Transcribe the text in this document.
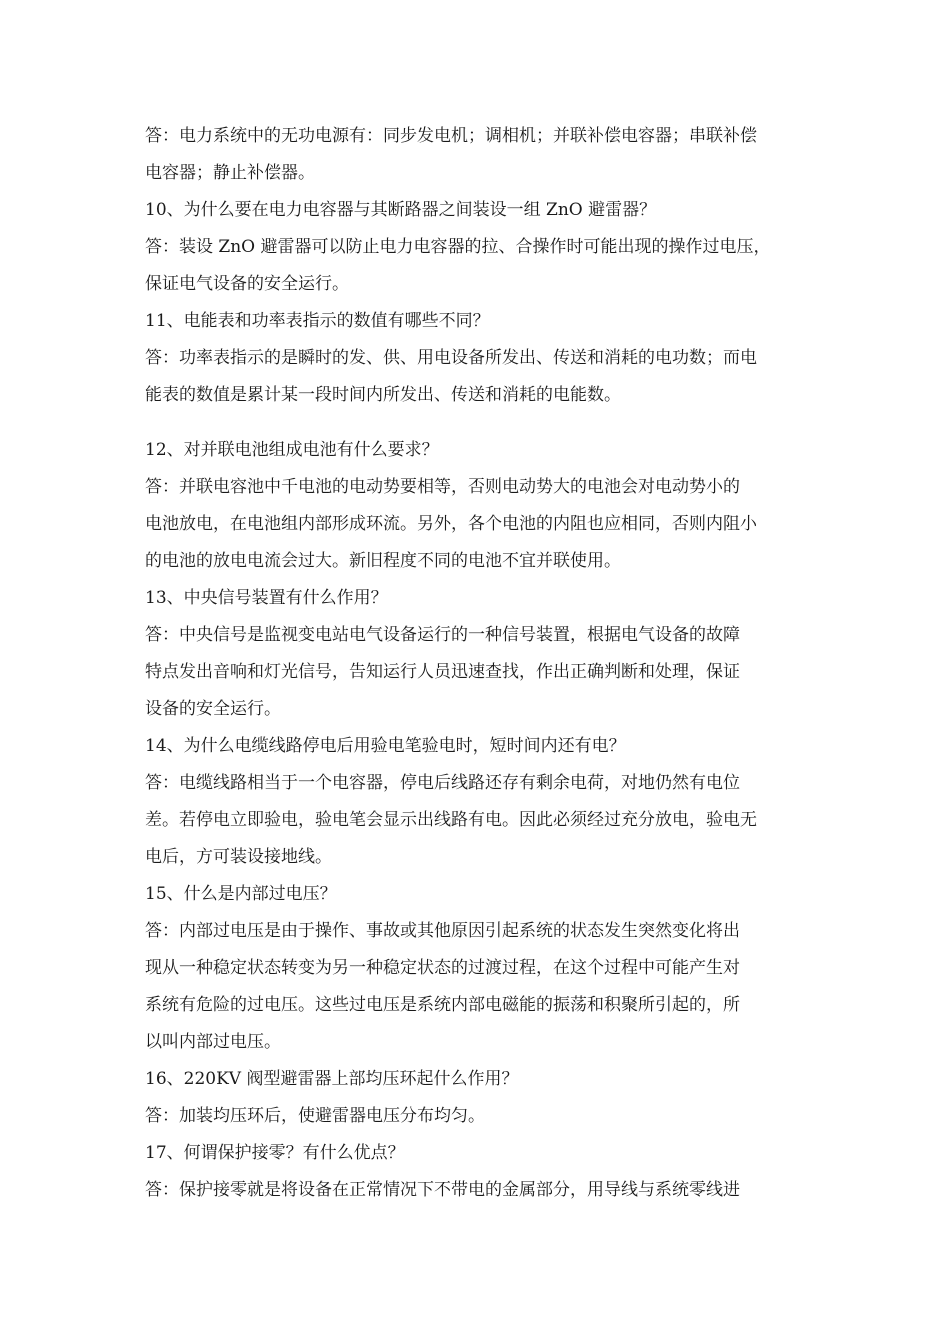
答：电力系统中的无功电源有：同步发电机；调相机；并联补偿电容器；串联补偿
电容器；静止补偿器。
10、为什么要在电力电容器与其断路器之间装设一组 ZnO 避雷器？
答：装设 ZnO 避雷器可以防止电力电容器的拉、合操作时可能出现的操作过电压，
保证电气设备的安全运行。
11、电能表和功率表指示的数值有哪些不同？
答：功率表指示的是瞬时的发、供、用电设备所发出、传送和消耗的电功数；而电
能表的数值是累计某一段时间内所发出、传送和消耗的电能数。
12、对并联电池组成电池有什么要求？
答：并联电容池中千电池的电动势要相等，否则电动势大的电池会对电动势小的
电池放电，在电池组内部形成环流。另外，各个电池的内阻也应相同，否则内阻小
的电池的放电电流会过大。新旧程度不同的电池不宜并联使用。
13、中央信号装置有什么作用？
答：中央信号是监视变电站电气设备运行的一种信号装置，根据电气设备的故障
特点发出音响和灯光信号，告知运行人员迅速查找，作出正确判断和处理，保证
设备的安全运行。
14、为什么电缆线路停电后用验电笔验电时，短时间内还有电？
答：电缆线路相当于一个电容器，停电后线路还存有剩余电荷，对地仍然有电位
差。若停电立即验电，验电笔会显示出线路有电。因此必须经过充分放电，验电无
电后，方可装设接地线。
15、什么是内部过电压？
答：内部过电压是由于操作、事故或其他原因引起系统的状态发生突然变化将出
现从一种稳定状态转变为另一种稳定状态的过渡过程，在这个过程中可能产生对
系统有危险的过电压。这些过电压是系统内部电磁能的振荡和积聚所引起的，所
以叫内部过电压。
16、220KV 阀型避雷器上部均压环起什么作用？
答：加装均压环后，使避雷器电压分布均匀。
17、何谓保护接零？有什么优点？
答：保护接零就是将设备在正常情况下不带电的金属部分，用导线与系统零线进
